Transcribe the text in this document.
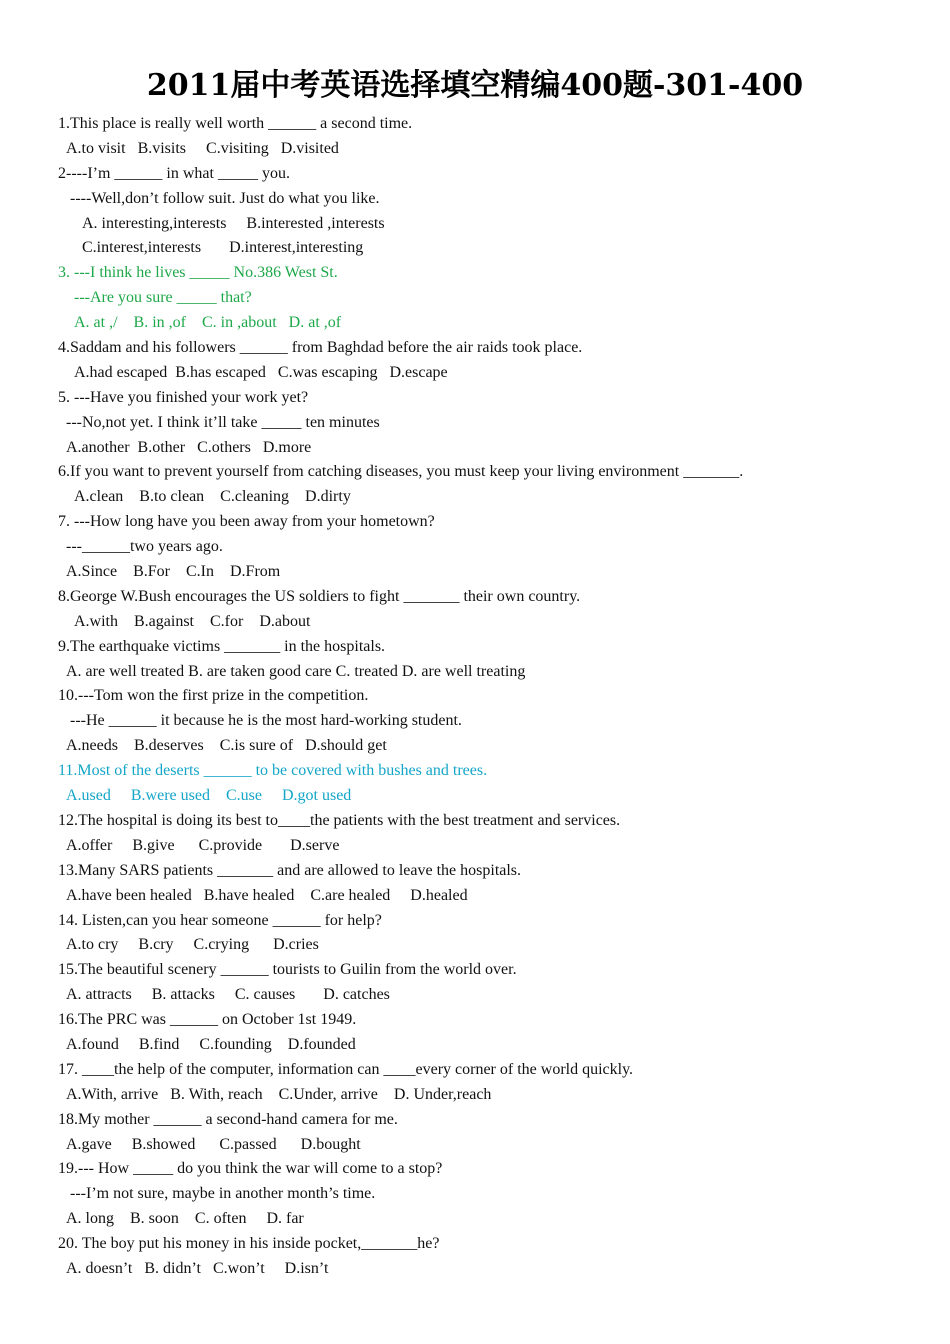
2011届中考英语选择填空精编400题-301-400
1.This place is really well worth ______ a second time.
A.to visit   B.visits     C.visiting   D.visited
2----I’m ______ in what _____ you.
----Well,don’t follow suit. Just do what you like.
A. interesting,interests     B.interested ,interests
C.interest,interests       D.interest,interesting
3. ---I think he lives _____ No.386 West St.
---Are you sure _____ that?
A. at ,/    B. in ,of    C. in ,about   D. at ,of
4.Saddam and his followers ______ from Baghdad before the air raids took place.
A.had escaped  B.has escaped   C.was escaping   D.escape
5. ---Have you finished your work yet?
---No,not yet. I think it’ll take _____ ten minutes
A.another  B.other   C.others   D.more
6.If you want to prevent yourself from catching diseases, you must keep your living environment _______.
A.clean    B.to clean    C.cleaning    D.dirty
7. ---How long have you been away from your hometown?
---______two years ago.
A.Since    B.For    C.In    D.From
8.George W.Bush encourages the US soldiers to fight _______ their own country.
A.with    B.against    C.for    D.about
9.The earthquake victims _______ in the hospitals.
A. are well treated B. are taken good care C. treated D. are well treating
10.---Tom won the first prize in the competition.
---He ______ it because he is the most hard-working student.
A.needs    B.deserves    C.is sure of   D.should get
11.Most of the deserts ______ to be covered with bushes and trees.
A.used     B.were used    C.use     D.got used
12.The hospital is doing its best to____the patients with the best treatment and services.
A.offer     B.give      C.provide       D.serve
13.Many SARS patients _______ and are allowed to leave the hospitals.
A.have been healed   B.have healed    C.are healed     D.healed
14. Listen,can you hear someone ______ for help?
A.to cry     B.cry     C.crying      D.cries
15.The beautiful scenery ______ tourists to Guilin from the world over.
A. attracts     B. attacks     C. causes       D. catches
16.The PRC was ______ on October 1st 1949.
A.found     B.find     C.founding    D.founded
17. ____the help of the computer, information can ____every corner of the world quickly.
A.With, arrive   B. With, reach    C.Under, arrive    D. Under,reach
18.My mother ______ a second-hand camera for me.
A.gave     B.showed      C.passed      D.bought
19.--- How _____ do you think the war will come to a stop?
---I’m not sure, maybe in another month’s time.
A. long    B. soon    C. often     D. far
20. The boy put his money in his inside pocket,_______he?
A. doesn’t   B. didn’t   C.won’t     D.isn’t
